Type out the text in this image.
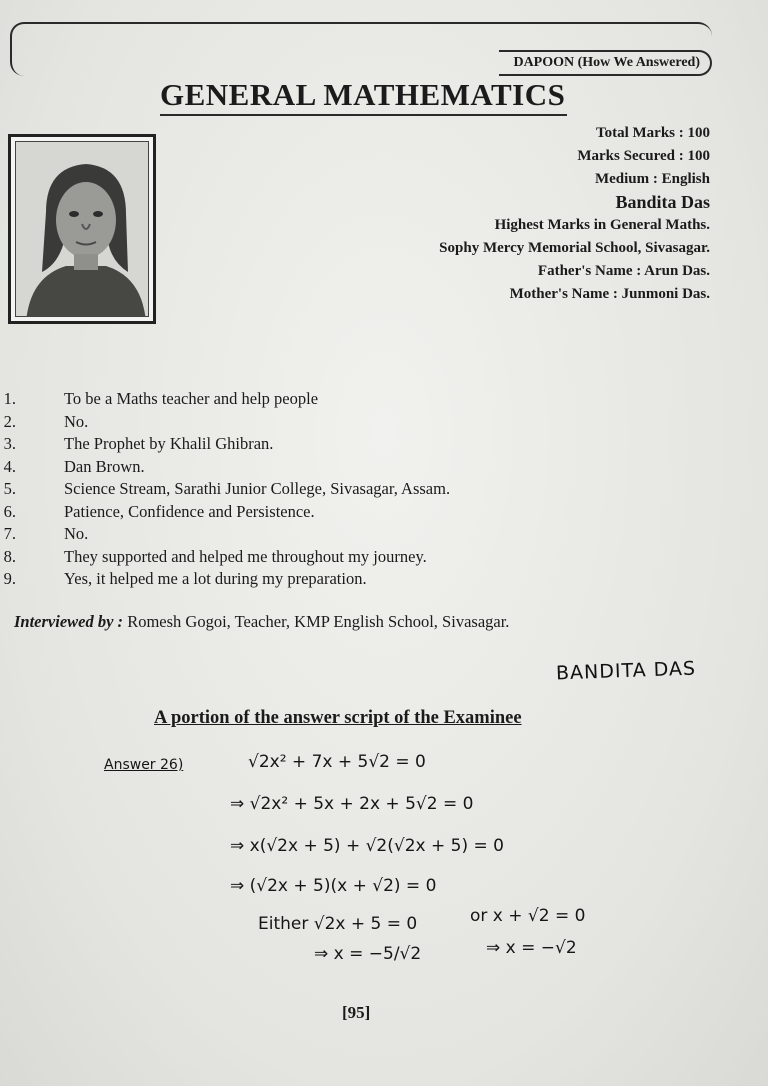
DAPOON (How We Answered)
GENERAL MATHEMATICS
Total Marks : 100
Marks Secured : 100
Medium : English
Bandita Das
Highest Marks in General Maths.
Sophy Mercy Memorial School, Sivasagar.
Father's Name : Arun Das.
Mother's Name : Junmoni Das.
1.	To be a Maths teacher and help people
2.	No.
3.	The Prophet by Khalil Ghibran.
4.	Dan Brown.
5.	Science Stream, Sarathi Junior College, Sivasagar, Assam.
6.	Patience, Confidence and Persistence.
7.	No.
8.	They supported and helped me throughout my journey.
9.	Yes, it helped me a lot during my preparation.
Interviewed by : Romesh Gogoi, Teacher, KMP English School, Sivasagar.
BANDITA DAS
A portion of the answer script of the Examinee
Answer 26)	√2x² + 7x + 5√2 = 0
⇒ √2x² + 5x + 2x + 5√2 = 0
⇒ x(√2x + 5) + √2(√2x + 5) = 0
⇒ (√2x + 5)(x + √2) = 0
Either √2x + 5 = 0	or x + √2 = 0
⇒ x = −5/√2	⇒ x = −√2
[95]
